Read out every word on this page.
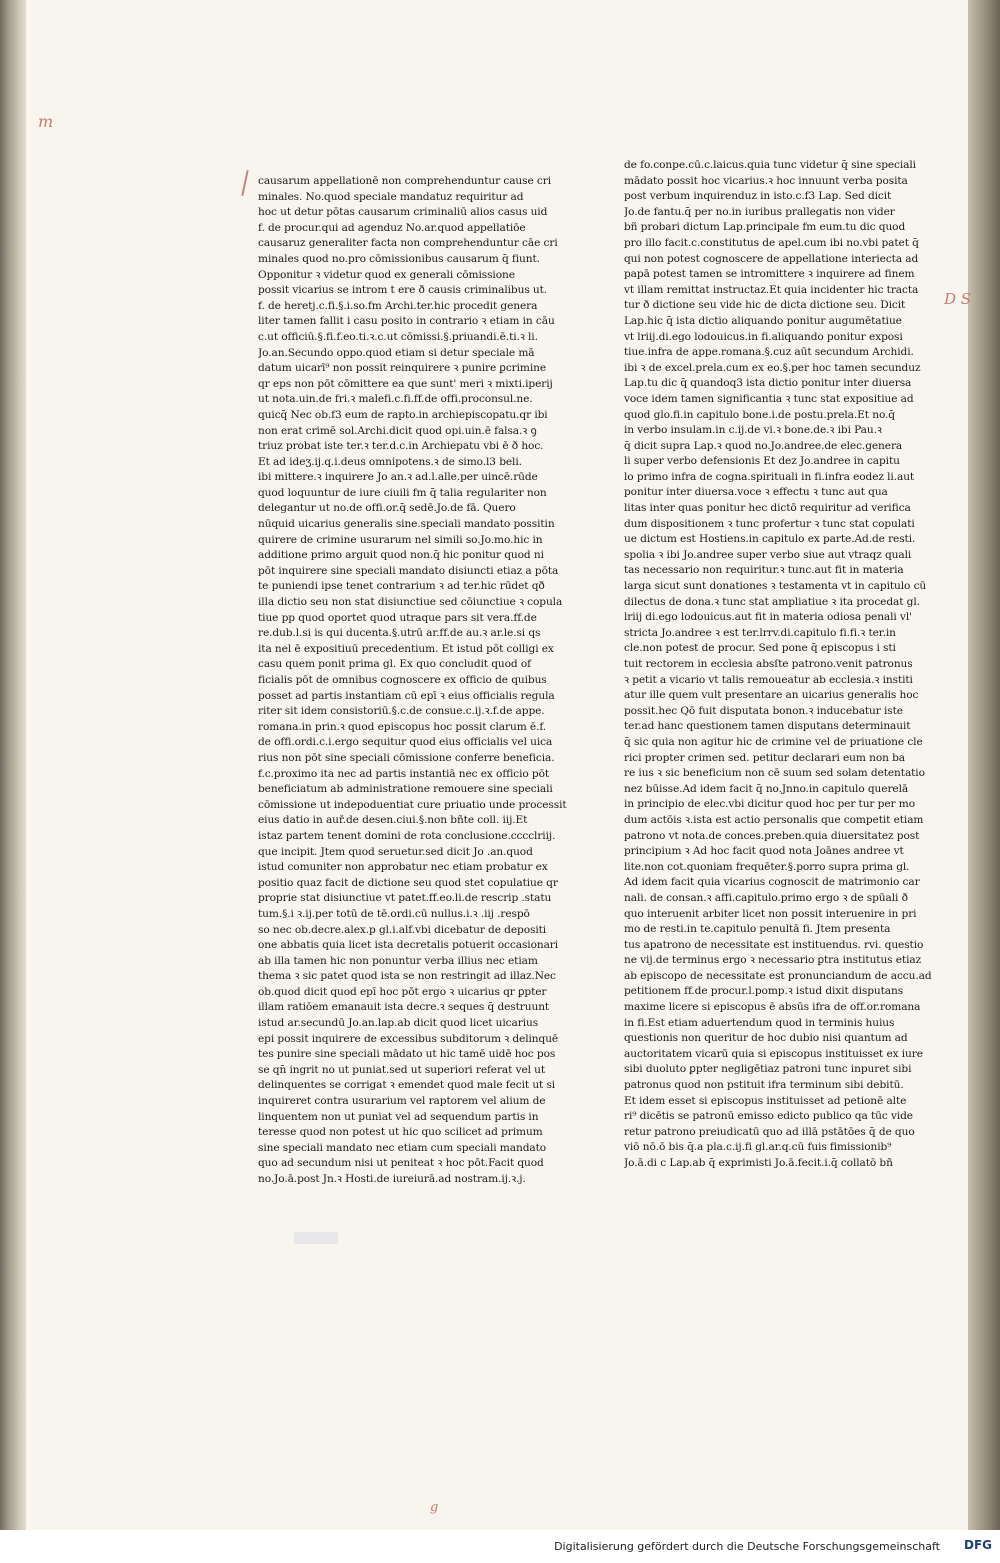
m
D S
g
causarum appellationē non comprehenduntur cause cri
minales. No.quod speciale mandatuz requiritur ad
hoc ut detur pōtas causarum criminaliū alios casus uid
f. de procur.qui ad agenduz No.ar.quod appellatiōe
causaruz generaliter facta non comprehenduntur cāe cri
minales quod no.pro cōmissionibus causarum q̄ fiunt.
Opponitur ꝛ videtur quod ex generali cōmissione
possit vicarius se introm t ere ð causis criminalibus ut.
f. de heretj.c.fi.§.i.so.fm Archi.ter.hic procedit genera
liter tamen fallit i casu posito in contrario ꝛ etiam in cāu
c.ut officiū.§.fi.f.eo.ti.ꝛ.c.ut cōmissi.§.priuandi.ē.ti.ꝛ li.
Jo.an.Secundo oppo.quod etiam si detur speciale mā
datum uicarī⁹ non possit reinquirere ꝛ punire ꝑcrimine
qr eps non pōt cōmittere ea que sunt' meri ꝛ mixti.iperij
ut nota.uin.de fri.ꝛ malefi.c.fi.ff.de offi.proconsul.ne.
quicq̄ Nec ob.f3 eum de rapto.in archiepiscopatu.qr ibi
non erat crimē sol.Archi.dicit quod opi.uin.ē falsa.ꝛ ꝯ
triuz probat iste ter.ꝛ ter.d.c.in Archiepatu vbi ē ð hoc.
Et ad ideʒ.ij.q.i.deus omnipotens.ꝛ de simo.l3 beli.
ibi mittere.ꝛ inquirere Jo an.ꝛ ad.l.alle.per uincē.rūde
quod loquuntur de iure ciuili fm q̄ talia regulariter non
delegantur ut no.de offi.or.q̄ sedē.Jo.de fā. Quero
nūquid uicarius generalis sine.speciali mandato possitin
quirere de crimine usurarum nel simili so.Jo.mo.hic in
additione primo arguit quod non.q̄ hic ponitur quod ni
pōt inquirere sine speciali mandato disiuncti etiaz a pōta
te puniendi ipse tenet contrarium ꝛ ad ter.hic rūdet qð
illa dictio seu non stat disiunctiue sed cōiunctiue ꝛ copula
tiue pp quod oportet quod utraque pars sit vera.ff.de
re.dub.l.si is qui ducenta.§.utrū ar.ff.de au.ꝛ ar.le.si qs
ita nel ē expositiuū precedentium. Et istud pōt colligi ex
casu quem ponit prima gl. Ex quo concludit quod of
ficialis pōt de omnibus cognoscere ex officio de quibus
posset ad partis instantiam cū epī ꝛ eius officialis regula
riter sit idem consistoriū.§.c.de consue.c.ij.ꝛ.f.de appe.
romana.in prin.ꝛ quod episcopus hoc possit clarum ē.f.
de offi.ordi.c.i.ergo sequitur quod eius officialis vel uica
rius non pōt sine speciali cōmissione conferre beneficia.
f.c.proximo ita nec ad partis instantiā nec ex officio pōt
beneficiatum ab administratione remouere sine speciali
cōmissione ut indepoduentiat cure priuatio unde processit
eius datio in auř.de desen.ciui.§.non bñte coll. iij.Et
istaz partem tenent domini de rota conclusione.cccclriij.
que incipit. Jtem quod seruetur.sed dicit Jo .an.quod
istud comuniter non approbatur nec etiam probatur ex
positio quaz facit de dictione seu quod stet copulatiue qr
proprie stat disiunctiue vt patet.ff.eo.li.de rescrip .statu
tum.§.i ꝛ.ij.per totū de tē.ordi.cū nullus.i.ꝛ .iij .respō
so nec ob.decre.alex.p gl.i.alf.vbi dicebatur de depositi
one abbatis quia licet ista decretalis potuerit occasionari
ab illa tamen hic non ponuntur verba illius nec etiam
thema ꝛ sic patet quod ista se non restringit ad illaz.Nec
ob.quod dicit quod epī hoc pōt ergo ꝛ uicarius qr ꝑpter
illam ratiōem emanauit ista decre.ꝛ seques q̄ destruunt
istud ar.secundū Jo.an.lap.ab dicit quod licet uicarius
epi possit inquirere de excessibus subditorum ꝛ delinquē
tes punire sine speciali mādato ut hic tamē uidē hoc pos
se qn̄ ingrit no ut puniat.sed ut superiori referat vel ut
delinquentes se corrigat ꝛ emendet quod male fecit ut si
inquireret contra usurarium vel raptorem vel alium de
linquentem non ut puniat vel ad sequendum partis in
teresse quod non potest ut hic quo scilicet ad primum
sine speciali mandato nec etiam cum speciali mandato
quo ad secundum nisi ut peniteat ꝛ hoc pōt.Facit quod
no.Jo.ā.post Jn.ꝛ Hosti.de iureiurā.ad nostram.ij.ꝛ.j.
de fo.conpe.cū.c.laicus.quia tunc videtur q̄ sine speciali
mādato possit hoc vicarius.ꝛ hoc innuunt verba posita
post verbum inquirenduz in isto.c.f3 Lap. Sed dicit
Jo.de fantu.q̄ per no.in iuribus prallegatis non vider
bñ probari dictum Lap.principale fm eum.tu dic quod
pro illo facit.c.constitutus de apel.cum ibi no.vbi patet q̄
qui non potest cognoscere de appellatione interiecta ad
papā potest tamen se intromittere ꝛ inquirere ad finem
vt illam remittat instructaz.Et quia incidenter hic tracta
tur ð dictione seu vide hic de dicta dictione seu. Dicit
Lap.hic q̄ ista dictio aliquando ponitur augumētatiue
vt lriij.di.ego lodouicus.in fi.aliquando ponitur exposi
tiue.infra de appe.romana.§.cuz aūt secundum Archidi.
ibi ꝛ de excel.prela.cum ex eo.§.per hoc tamen secunduz
Lap.tu dic q̄ quandoq3 ista dictio ponitur inter diuersa
voce idem tamen significantia ꝛ tunc stat expositiue ad
quod glo.fi.in capitulo bone.i.de postu.prela.Et no.q̄
in verbo insulam.in c.ij.de vi.ꝛ bone.de.ꝛ ibi Pau.ꝛ
q̄ dicit supra Lap.ꝛ quod no.Jo.andree.de elec.genera
li super verbo defensionis Et dez Jo.andree in capitu
lo primo infra de cogna.spirituali in fi.infra eodez li.aut
ponitur inter diuersa.voce ꝛ effectu ꝛ tunc aut qua
litas inter quas ponitur hec dictō requiritur ad verifica
dum dispositionem ꝛ tunc profertur ꝛ tunc stat copulati
ue dictum est Hostiens.in capitulo ex parte.Ad.de resti.
spolia ꝛ ibi Jo.andree super verbo siue aut vtraqz quali
tas necessario non requiritur.ꝛ tunc.aut fit in materia
larga sicut sunt donationes ꝛ testamenta vt in capitulo cū
dilectus de dona.ꝛ tunc stat ampliatiue ꝛ ita procedat gl.
lriij di.ego lodouicus.aut fit in materia odiosa penali vl'
stricta Jo.andree ꝛ est ter.lrrv.di.capitulo fi.fi.ꝛ ter.in
cle.non potest de procur. Sed pone q̄ episcopus i sti
tuit rectorem in ecclesia absſte patrono.venit patronus
ꝛ petit a vicario vt talis remoueatur ab ecclesia.ꝛ institi
atur ille quem vult presentare an uicarius generalis hoc
possit.hec Qō fuit disputata bonon.ꝛ inducebatur iste
ter.ad hanc questionem tamen disputans determinauit
q̄ sic quia non agitur hic de crimine vel de priuatione cle
rici propter crimen sed. petitur declarari eum non ba
re ius ꝛ sic beneficium non cē suum sed solam detentatio
nez būisse.Ad idem facit q̄ no.Jnno.in capitulo querelā
in principio de elec.vbi dicitur quod hoc per tur per mo
dum actōis ꝛ.ista est actio personalis que competit etiam
patrono vt nota.de conces.preben.quia diuersitatez post
principium ꝛ Ad hoc facit quod nota Joānes andree vt
lite.non cot.quoniam frequēter.§.porro supra prima gl.
Ad idem facit quia vicarius cognoscit de matrimonio car
nali. de consan.ꝛ affi.capitulo.primo ergo ꝛ de spūali ð
quo interuenit arbiter licet non possit interuenire in pri
mo de resti.in te.capitulo penultā fi. Jtem presenta
tus apatrono de necessitate est instituendus. rvi. questio
ne vij.de terminus ergo ꝛ necessario ꝑtra institutus etiaz
ab episcopo de necessitate est pronunciandum de accu.ad
petitionem ff.de procur.l.pomp.ꝛ istud dixit disputans
maxime licere si episcopus ē absūs ifra de off.or.romana
in fi.Est etiam aduertendum quod in terminis huius
questionis non queritur de hoc dubio nisi quantum ad
auctoritatem vicarū quia si episcopus instituisset ex iure
sibi duoluto ꝑpter negligētiaz patroni tunc inpuret sibi
patronus quod non pstituit ifra terminum sibi debitū.
Et idem esset si episcopus instituisset ad petionē alte
ri⁹ dicētis se patronū emisso edicto publico qa tūc vide
retur patrono preiudicatū quo ad illā pstātōes q̄ de quo
viō nō.ō bis q̄.a pla.c.ij.fi gl.ar.q.cū fuis fimissionib⁹
Jo.ā.di c Lap.ab q̄ exprimisti Jo.ā.fecit.i.q̄ collatō bñ
Digitalisierung gefördert durch die Deutsche Forschungsgemeinschaft DFG
